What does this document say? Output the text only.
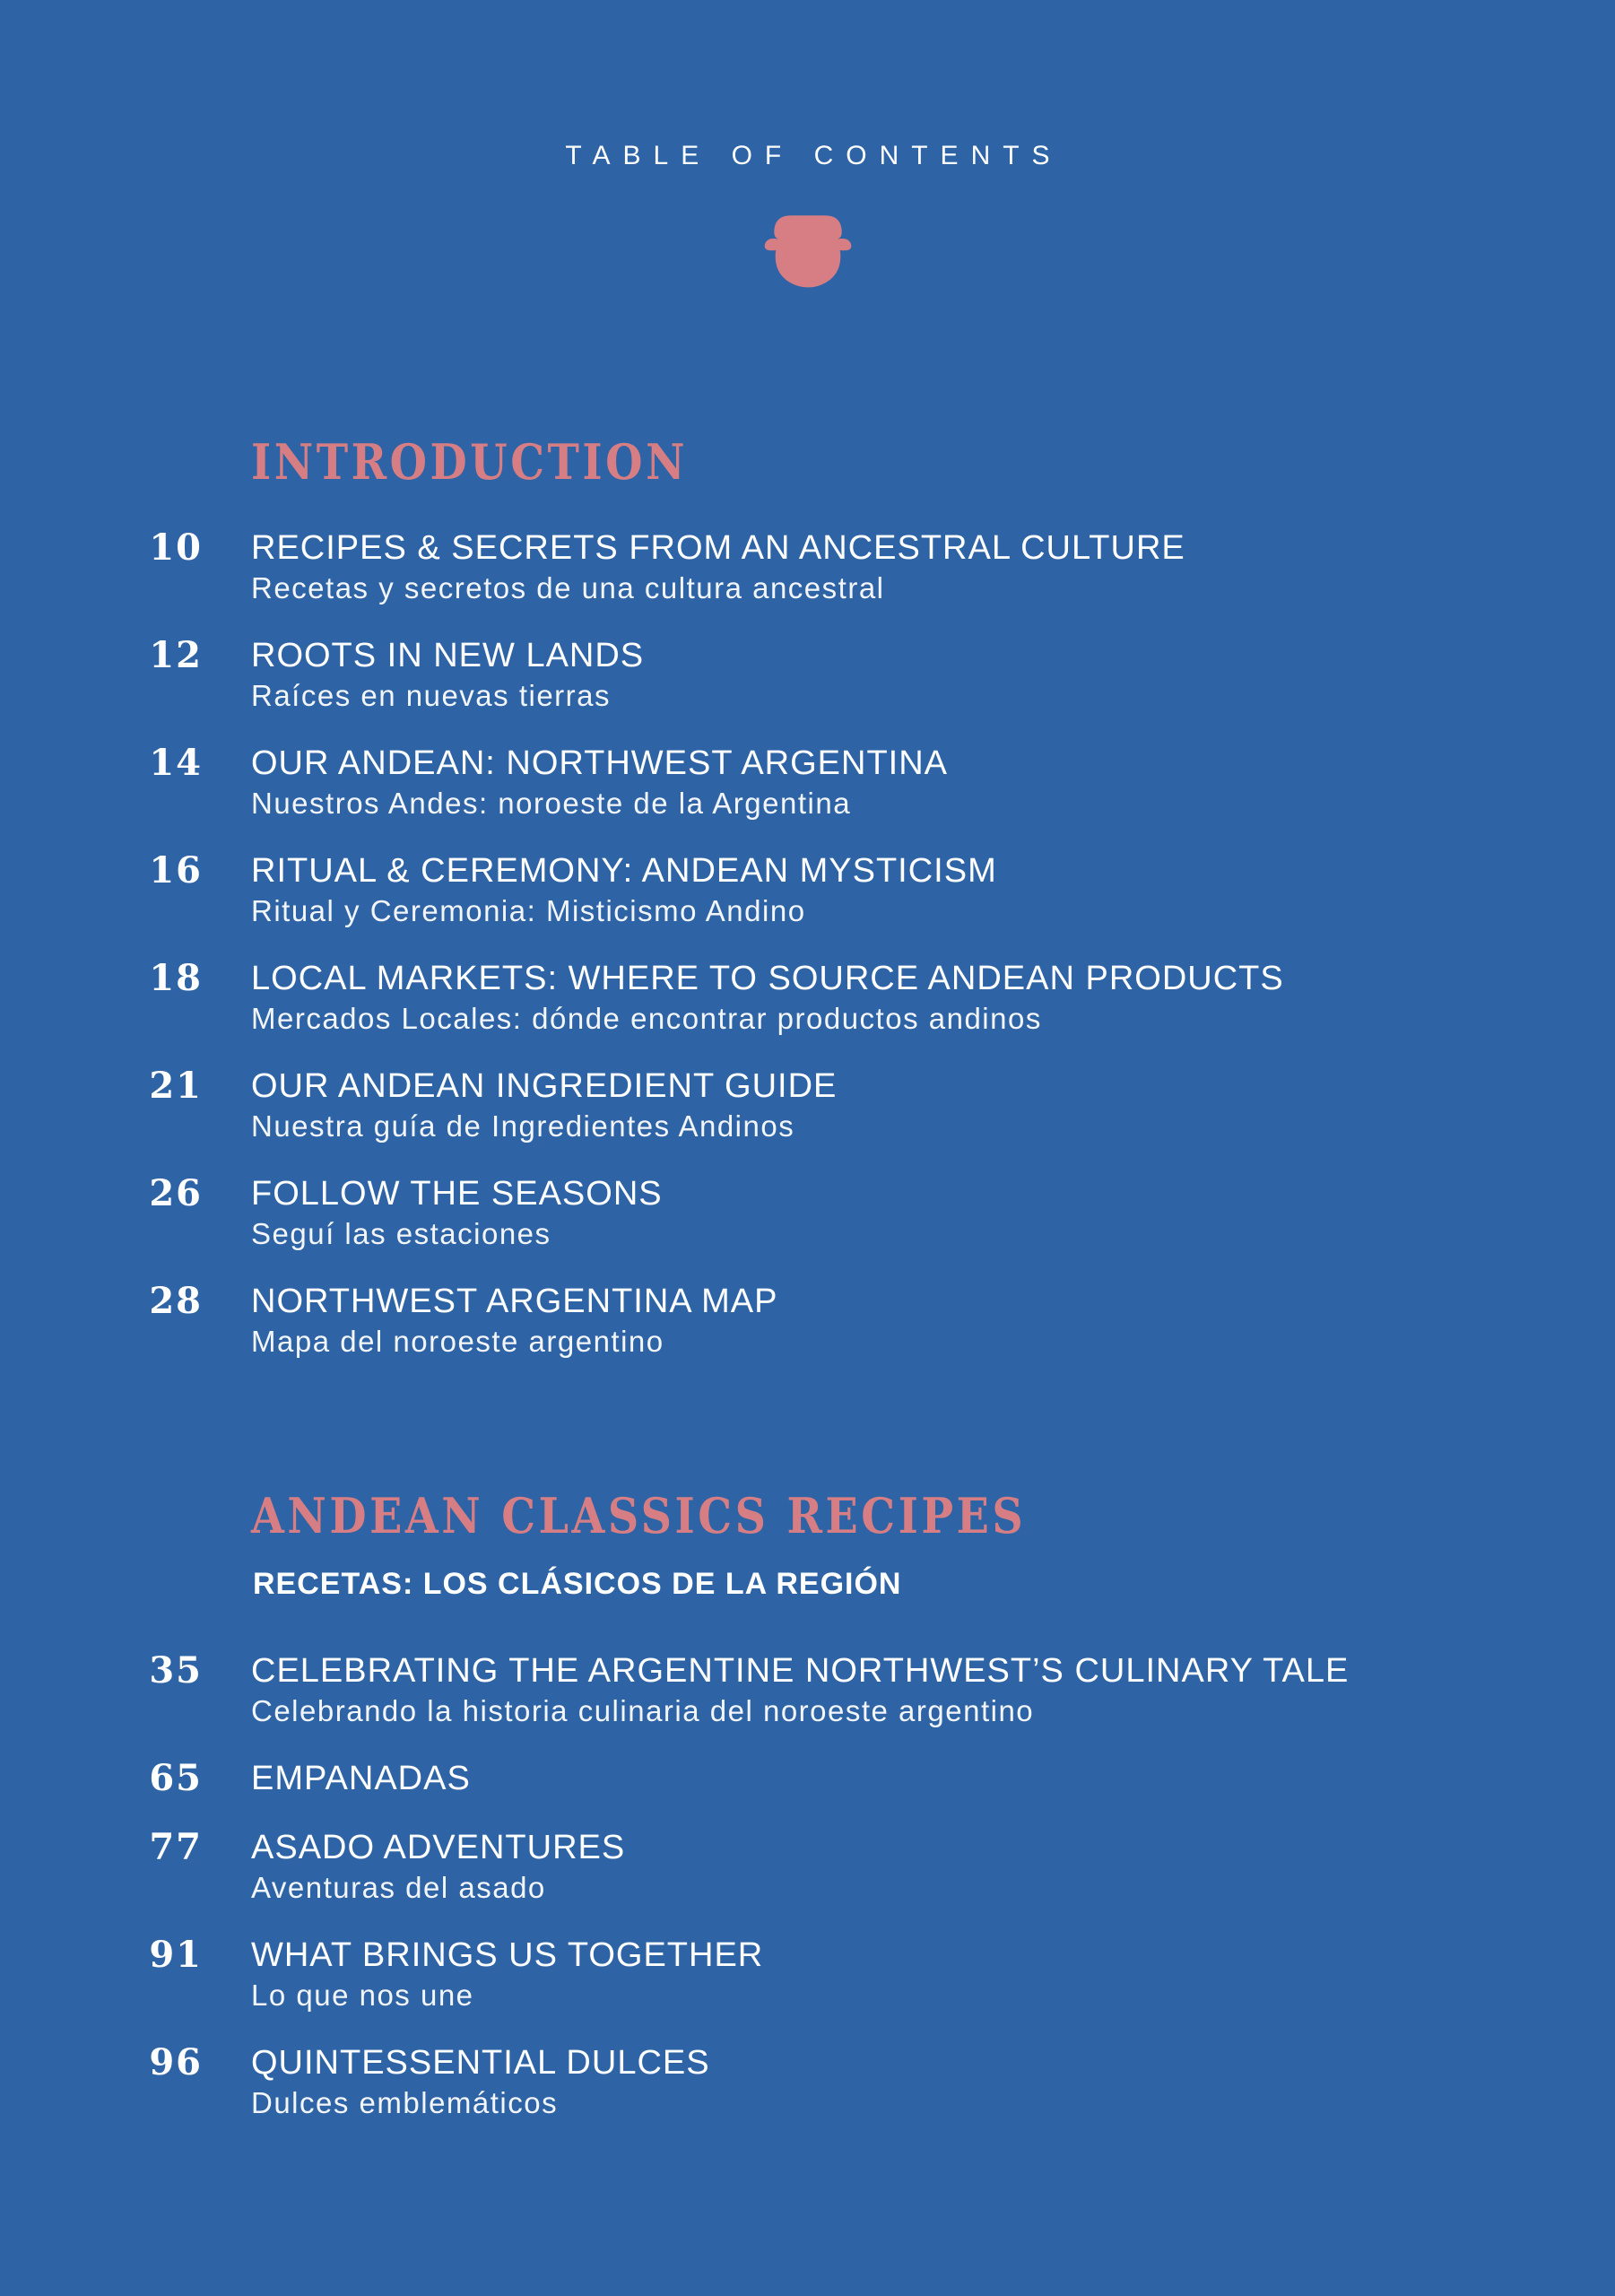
TABLE OF CONTENTS
INTRODUCTION
10 RECIPES & SECRETS FROM AN ANCESTRAL CULTURE
Recetas y secretos de una cultura ancestral
12 ROOTS IN NEW LANDS
Raíces en nuevas tierras
14 OUR ANDEAN: NORTHWEST ARGENTINA
Nuestros Andes: noroeste de la Argentina
16 RITUAL & CEREMONY: ANDEAN MYSTICISM
Ritual y Ceremonia: Misticismo Andino
18 LOCAL MARKETS: WHERE TO SOURCE ANDEAN PRODUCTS
Mercados Locales: dónde encontrar productos andinos
21 OUR ANDEAN INGREDIENT GUIDE
Nuestra guía de Ingredientes Andinos
26 FOLLOW THE SEASONS
Seguí las estaciones
28 NORTHWEST ARGENTINA MAP
Mapa del noroeste argentino
ANDEAN CLASSICS RECIPES
RECETAS: LOS CLÁSICOS DE LA REGIÓN
35 CELEBRATING THE ARGENTINE NORTHWEST’S CULINARY TALE
Celebrando la historia culinaria del noroeste argentino
65 EMPANADAS
77 ASADO ADVENTURES
Aventuras del asado
91 WHAT BRINGS US TOGETHER
Lo que nos une
96 QUINTESSENTIAL DULCES
Dulces emblemáticos
